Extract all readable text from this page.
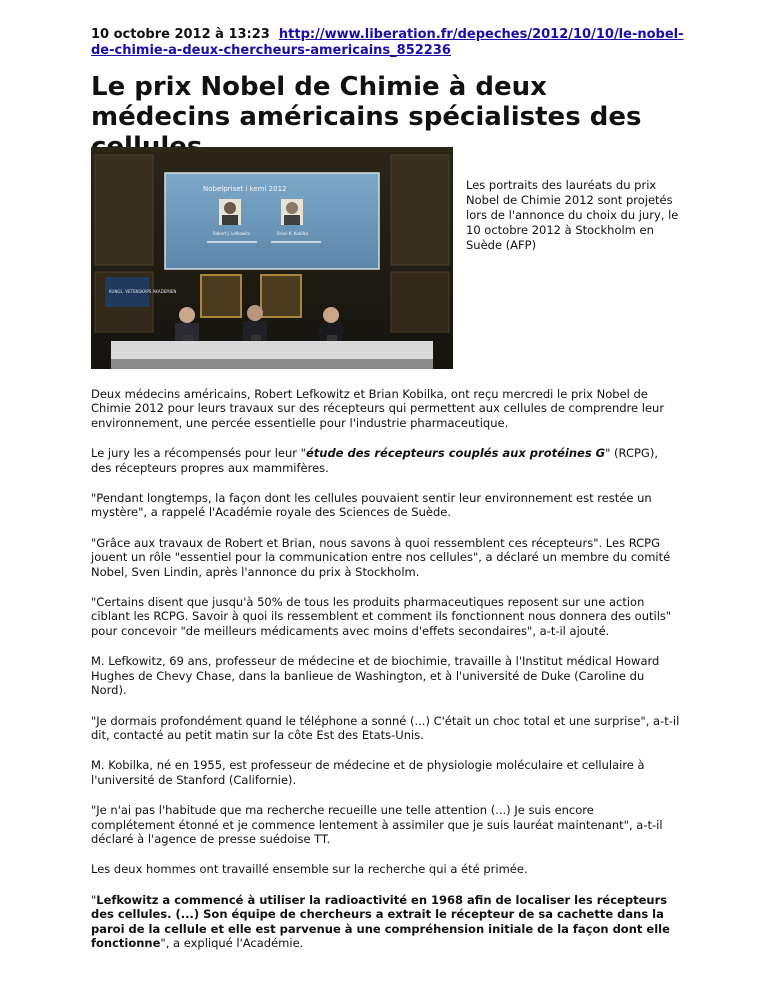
10 octobre 2012 à 13:23 http://www.liberation.fr/depeches/2012/10/10/le-nobel-de-chimie-a-deux-chercheurs-americains_852236
Le prix Nobel de Chimie à deux médecins américains spécialistes des
Nobelpriset i kemi 2012
Robert J. Lefkowitz	Brian K. Kobilka
KUNGL. VETENSKAPS AKADEMIEN
Les portraits des lauréats du prix Nobel de Chimie 2012 sont projetés lors de l'annonce du choix du jury, le 10 octobre 2012 à Stockholm en Suède (AFP)

Deux médecins américains, Robert Lefkowitz et Brian Kobilka, ont reçu mercredi le prix Nobel de Chimie 2012 pour leurs travaux sur des récepteurs qui permettent aux cellules de comprendre leur environnement, une percée essentielle pour l'industrie pharmaceutique.

Le jury les a récompensés pour leur "étude des récepteurs couplés aux protéines G" (RCPG), des récepteurs propres aux mammifères.

"Pendant longtemps, la façon dont les cellules pouvaient sentir leur environnement est restée un mystère", a rappelé l'Académie royale des Sciences de Suède.

"Grâce aux travaux de Robert et Brian, nous savons à quoi ressemblent ces récepteurs". Les RCPG jouent un rôle "essentiel pour la communication entre nos cellules", a déclaré un membre du comité Nobel, Sven Lindin, après l'annonce du prix à Stockholm.

"Certains disent que jusqu'à 50% de tous les produits pharmaceutiques reposent sur une action ciblant les RCPG. Savoir à quoi ils ressemblent et comment ils fonctionnent nous donnera des outils" pour concevoir "de meilleurs médicaments avec moins d'effets secondaires", a-t-il ajouté.

M. Lefkowitz, 69 ans, professeur de médecine et de biochimie, travaille à l'Institut médical Howard Hughes de Chevy Chase, dans la banlieue de Washington, et à l'université de Duke (Caroline du Nord).

"Je dormais profondément quand le téléphone a sonné (...) C'était un choc total et une surprise", a-t-il dit, contacté au petit matin sur la côte Est des Etats-Unis.

M. Kobilka, né en 1955, est professeur de médecine et de physiologie moléculaire et cellulaire à l'université de Stanford (Californie).

"Je n'ai pas l'habitude que ma recherche recueille une telle attention (...) Je suis encore complétement étonné et je commence lentement à assimiler que je suis lauréat maintenant", a-t-il déclaré à l'agence de presse suédoise TT.

Les deux hommes ont travaillé ensemble sur la recherche qui a été primée.

"Lefkowitz a commencé à utiliser la radioactivité en 1968 afin de localiser les récepteurs des cellules. (...) Son équipe de chercheurs a extrait le récepteur de sa cachette dans la paroi de la cellule et elle est parvenue à une compréhension initiale de la façon dont elle fonctionne", a expliqué l'Académie.
